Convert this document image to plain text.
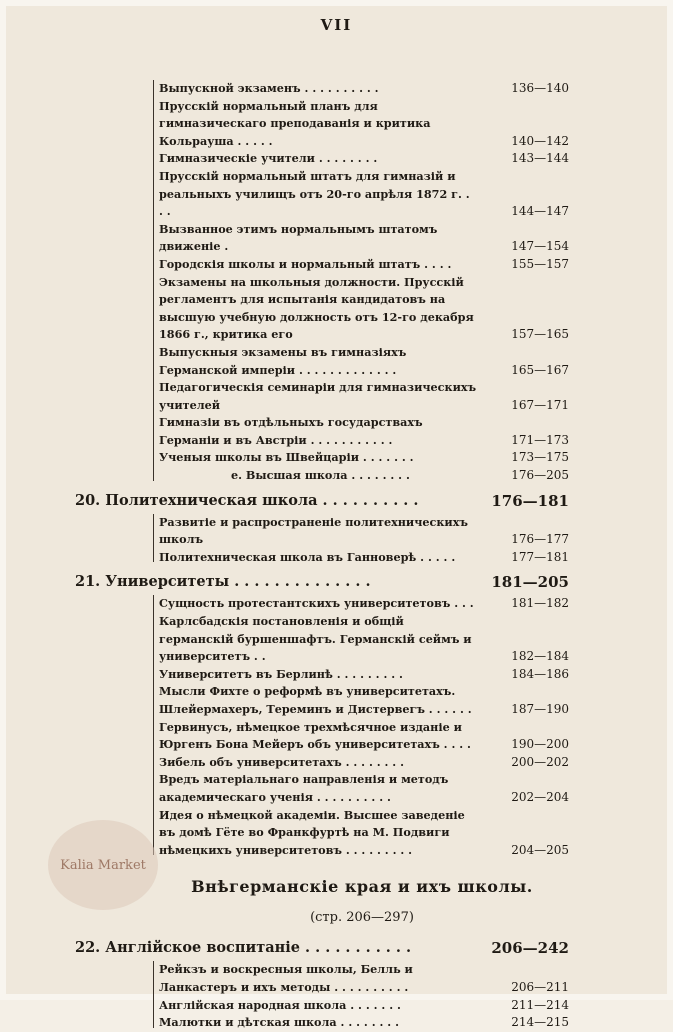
VII
Выпускной экзаменъ . . . . . . . . . .	136—140
Прусскій нормальный планъ для гимназическаго преподаванія и критика Кольрауша . . . . .	140—142
Гимназическіе учители . . . . . . . .	143—144
Прусскій нормальный штатъ для гимназій и реальныхъ училищъ отъ 20-го апрѣля 1872 г. . . .	144—147
Вызванное этимъ нормальнымъ штатомъ движеніе .	147—154
Городскія школы и нормальный штатъ . . . .	155—157
Экзамены на школьныя должности. Прусскій регламентъ для испытанія кандидатовъ на высшую учебную должность отъ 12-го декабря 1866 г., критика его	157—165
Выпускныя экзамены въ гимназіяхъ Германской имперіи . . . . . . . . . . . . .	165—167
Педагогическія семинаріи для гимназическихъ учителей	167—171
Гимназіи въ отдѣльныхъ государствахъ Германіи и въ Австріи . . . . . . . . . . .	171—173
Ученыя школы въ Швейцаріи . . . . . . .	173—175
е. Высшая школа . . . . . . . .	176—205
20. Политехническая школа . . . . . . . . . .	176—181
Развитіе и распространеніе политехническихъ школъ	176—177
Политехническая школа въ Ганноверѣ . . . . .	177—181
21. Университеты . . . . . . . . . . . . . .	181—205
Сущность протестантскихъ университетовъ . . .	181—182
Карлсбадскія постановленія и общій германскій буршеншафтъ. Германскій сеймъ и университетъ . .	182—184
Университетъ въ Берлинѣ . . . . . . . . .	184—186
Мысли Фихте о реформѣ въ университетахъ. Шлейермахеръ, Тереминъ и Дистервегъ . . . . . .	187—190
Гервинусъ, нѣмецкое трехмѣсячное изданіе и Юргенъ Бона Мейеръ объ университетахъ . . . .	190—200
Зибель объ университетахъ . . . . . . . .	200—202
Вредъ матеріальнаго направленія и методъ академическаго ученія . . . . . . . . . .	202—204
Идея о нѣмецкой академіи. Высшее заведеніе въ домѣ Гёте во Франкфуртѣ на М. Подвиги нѣмецкихъ университетовъ . . . . . . . . .	204—205
Внѣгерманскіе края и ихъ школы.
(стр. 206—297)
22. Англійское воспитаніе . . . . . . . . . . .	206—242
Рейкзъ и воскресныя школы, Белль и Ланкастеръ и ихъ методы . . . . . . . . . .	206—211
Англійская народная школа . . . . . . .	211—214
Малютки и дѣтская школа . . . . . . . .	214—215
Kalia Market
